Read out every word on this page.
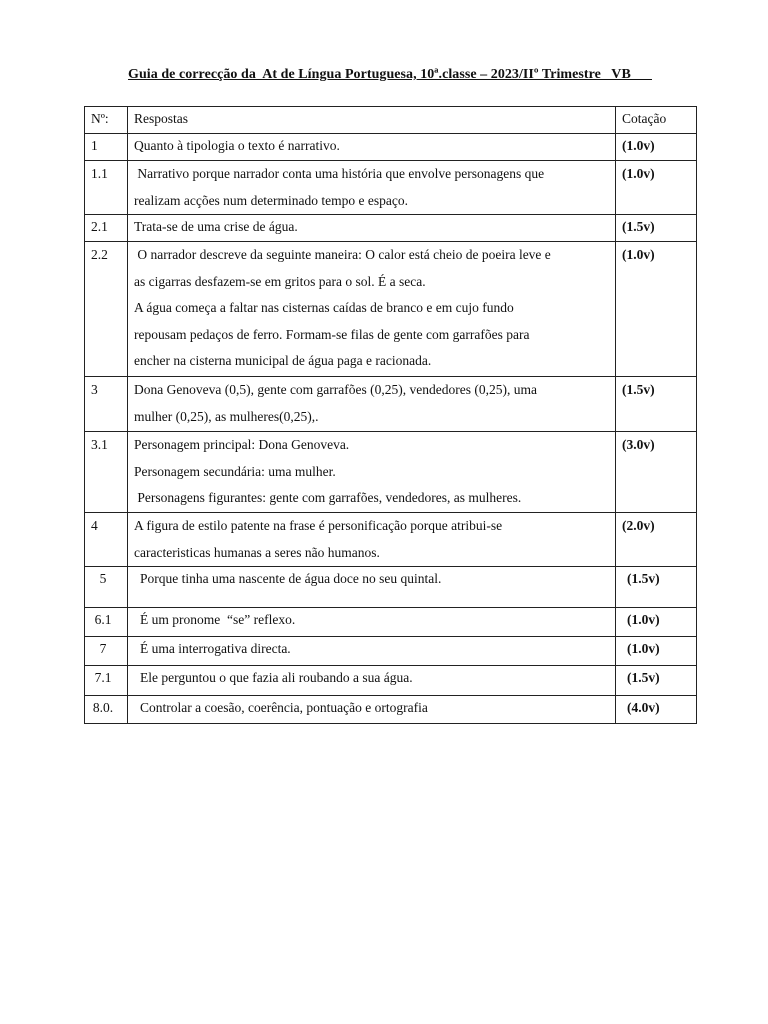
Guia de correcção da  At de Língua Portuguesa, 10ª.classe – 2023/IIº Trimestre   VB___
Nº:	Respostas	Cotação
1	Quanto à tipologia o texto é narrativo.	(1.0v)
1.1	Narrativo porque narrador conta uma história que envolve personagens que
realizam acções num determinado tempo e espaço.	(1.0v)
2.1	Trata-se de uma crise de água.	(1.5v)
2.2	O narrador descreve da seguinte maneira: O calor está cheio de poeira leve e
as cigarras desfazem-se em gritos para o sol. É a seca.
A água começa a faltar nas cisternas caídas de branco e em cujo fundo
repousam pedaços de ferro. Formam-se filas de gente com garrafões para
encher na cisterna municipal de água paga e racionada.	(1.0v)
3	Dona Genoveva (0,5), gente com garrafões (0,25), vendedores (0,25), uma
mulher (0,25), as mulheres(0,25),.	(1.5v)
3.1	Personagem principal: Dona Genoveva.
Personagem secundária: uma mulher.
Personagens figurantes: gente com garrafões, vendedores, as mulheres.	(3.0v)
4	A figura de estilo patente na frase é personificação porque atribui-se
caracteristicas humanas a seres não humanos.	(2.0v)
5	Porque tinha uma nascente de água doce no seu quintal.	(1.5v)
6.1	É um pronome  “se” reflexo.	(1.0v)
7	É uma interrogativa directa.	(1.0v)
7.1	Ele perguntou o que fazia ali roubando a sua água.	(1.5v)
8.0.	Controlar a coesão, coerência, pontuação e ortografia	(4.0v)
